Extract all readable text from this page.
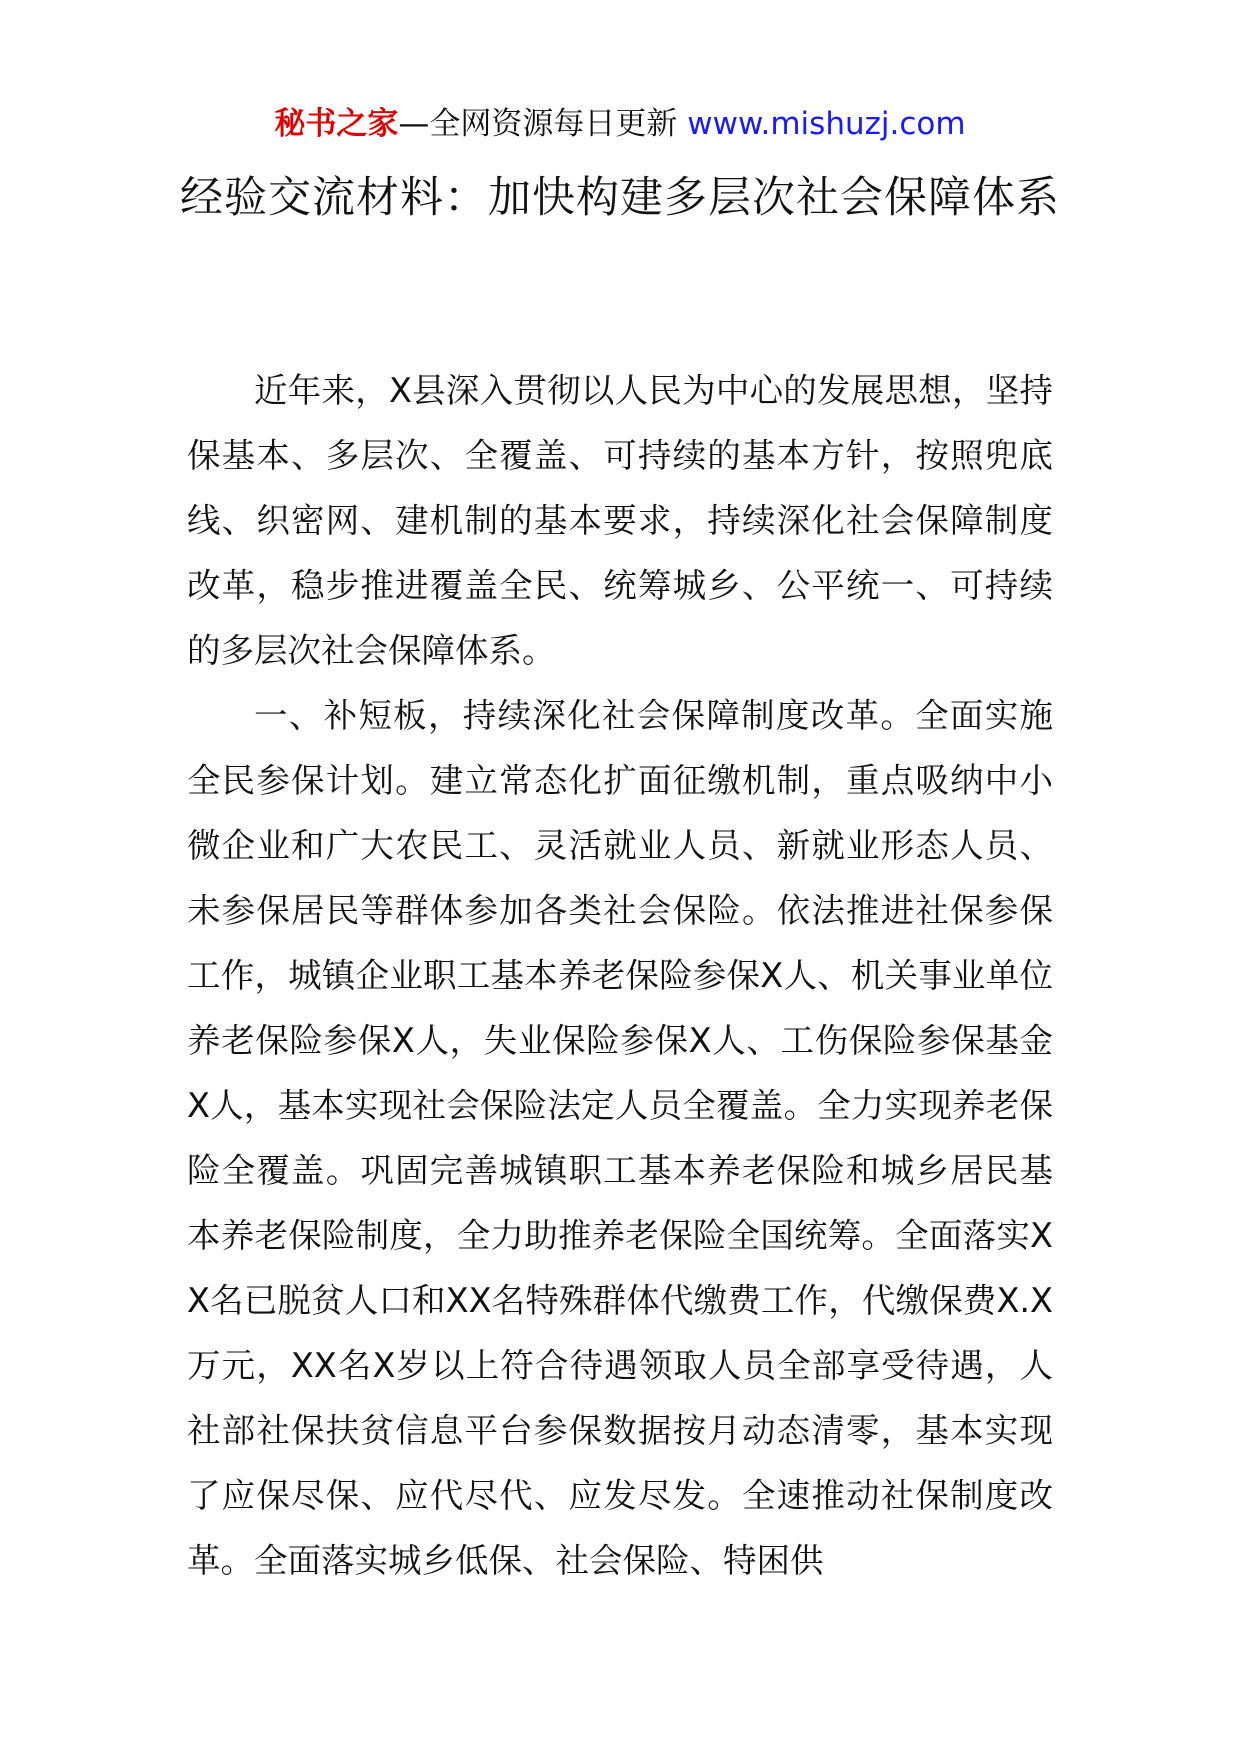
秘书之家—全网资源每日更新 www.mishuzj.com
经验交流材料：加快构建多层次社会保障体系

近年来，X县深入贯彻以人民为中心的发展思想，坚持保基本、多层次、全覆盖、可持续的基本方针，按照兜底线、织密网、建机制的基本要求，持续深化社会保障制度改革，稳步推进覆盖全民、统筹城乡、公平统一、可持续的多层次社会保障体系。

一、补短板，持续深化社会保障制度改革。全面实施全民参保计划。建立常态化扩面征缴机制，重点吸纳中小微企业和广大农民工、灵活就业人员、新就业形态人员、未参保居民等群体参加各类社会保险。依法推进社保参保工作，城镇企业职工基本养老保险参保X人、机关事业单位养老保险参保X人，失业保险参保X人、工伤保险参保基金X人，基本实现社会保险法定人员全覆盖。全力实现养老保险全覆盖。巩固完善城镇职工基本养老保险和城乡居民基本养老保险制度，全力助推养老保险全国统筹。全面落实XX名已脱贫人口和XX名特殊群体代缴费工作，代缴保费X.X万元，XX名X岁以上符合待遇领取人员全部享受待遇，人社部社保扶贫信息平台参保数据按月动态清零，基本实现了应保尽保、应代尽代、应发尽发。全速推动社保制度改革。全面落实城乡低保、社会保险、特困供
